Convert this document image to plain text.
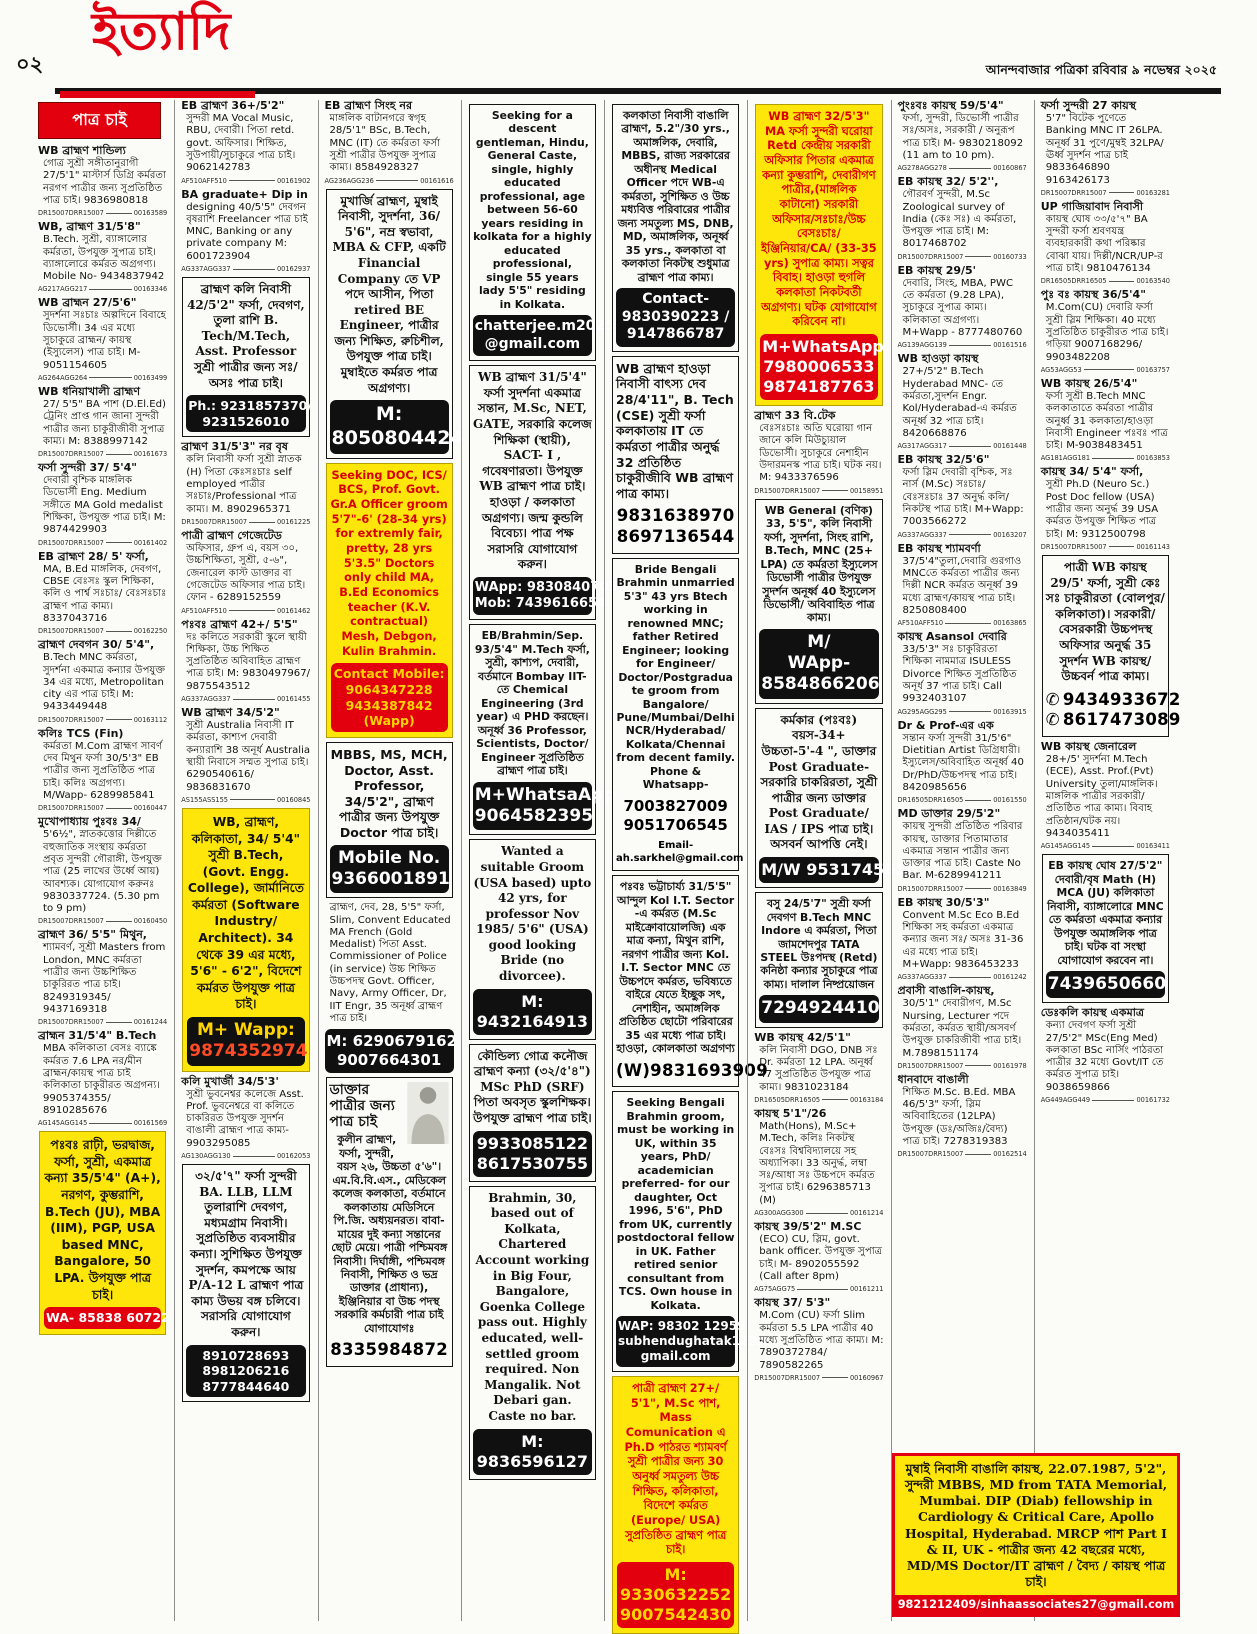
০২
ইত্যাদি
আনন্দবাজার পত্রিকা রবিবার ৯ নভেম্বর ২০২৫
পাত্র চাই
WB ব্রাহ্মণ শান্ডিল্য
গোত্র সুশ্রী সঙ্গীতানুরাগী 27/5'1" মাস্টার্স ডিগ্রি কর্মরতা নরগণ পাত্রীর জন্য সুপ্রতিষ্ঠিত পাত্র চাই। 9836980818
DR15007DRR15007	00163589
WB, ব্রাহ্মণ 31/5'8"
B.Tech. সুশ্রী, ব্যাঙ্গালোর কর্মরতা, উপযুক্ত সুপাত্র চাই। ব্যাঙ্গালোরে কর্মরত অগ্রগণ্য। Mobile No- 9434837942
AG217AGG217	00163346
WB ব্রাহ্মন 27/5'6"
সুদর্শনা সঃচাঃ অল্পদিনে বিবাহে ডিভোর্সী। 34 এর মধ্যে সুচাকুরে ব্রাহ্মন/ কায়স্থ (ইস্যুলেস) পাত্র চাই। M-9051154605
AG264AGG264	00163499
WB ধনিয়াখালী ব্রাহ্মণ
27/ 5'5" BA পাশ (D.El.Ed) ট্রেনিং প্রাপ্ত গান জানা সুন্দরী পাত্রীর জন্য চাকুরীজীবী সুপাত্র কাম্য। M: 8388997142
DR15007DRR15007	00161673
ফর্সা সুন্দরী 37/ 5'4"
দেবারী বৃশ্চিক মাঙ্গলিক ডিভোর্সী Eng. Medium সঙ্গীতে MA Gold medalist শিক্ষিকা, উপযুক্ত পাত্র চাই। M: 9874429903
DR15007DRR15007	00161402
EB ব্রাহ্মণ 28/ 5' ফর্সা,
MA, B.Ed মাঙ্গলিক, দেবগণ, CBSE বেঃসঃ স্কুল শিক্ষিকা, কলি ও পার্শ্ব সঃচাঃ/ বেঃসঃচাঃ ব্রাহ্মণ পাত্র কাম্য। 8337043716
DR15007DRR15007	00162250
ব্রাহ্মণ দেবগন 30/ 5'4",
B.Tech MNC কর্মরতা, সুদর্শনা একমাত্র কন্যার উপযুক্ত 34 এর মধ্যে, Metropolitan city এর পাত্র চাই। M: 9433449448
DR15007DRR15007	00163112
কলিঃ TCS (Fin)
কর্মরতা M.Com ব্রাহ্মণ সাবর্ণ দেব মিথুন ফর্সা 30/5'3" EB পাত্রীর জন্য সুপ্রতিষ্ঠিত পাত্র চাই। কলিঃ অগ্রগণ্য। M/Wapp- 6289985841
DR15007DRR15007	00160447
মুখোপাধ্যায় পুঃবঃ 34/
5'6½", স্নাতকত্তোর দিল্লীতে বহুজাতিক সংস্থায় কর্মরতা প্রবৃত সুন্দরী গৌরাঙ্গী, উপযুক্ত পাত্র (25 লাখের উর্ধ্বে আয়) আবশ্যক। যোগাযোগ করুনঃ 9830337724. (5.30 pm to 9 pm)
DR15007DRR15007	00160450
ব্রাহ্মণ 36/ 5'5" মিথুন,
শ্যামবর্ণ, সুশ্রী Masters from London, MNC কর্মরতা পাত্রীর জন্য উচ্চশিক্ষিত চাকুরিরত পাত্র চাই। 8249319345/ 9437169318
DR15007DRR15007	00161244
ব্রাহ্মন 31/5'4" B.Tech
MBA কলিকাতা বেসঃ ব্যাঙ্কে কর্মরত 7.6 LPA নর/মীন ব্রাহ্মন/কায়স্থ পাত্র চাই কলিকাতা চাকুরীরত অগ্রগন্য। 9905374355/ 8910285676
AG145AGG145	00161569
পঃবঃ রাঢ়ী, ভরদ্বাজ, ফর্সা, সুশ্রী, একমাত্র কন্যা 35/5'4" (A+), নরগণ, কুম্ভরাশি, B.Tech (JU), MBA (IIM), PGP, USA based MNC, Bangalore, 50 LPA. উপযুক্ত পাত্র চাই।
WA- 85838 60722
EB ব্রাহ্মণ 36+/5'2"
সুন্দরী MA Vocal Music, RBU, দেবারী। পিতা retd. govt. অফিসার। শিক্ষিত, সুউপায়ী/সুচাকুরে পাত্র চাই। 9062142783
AF510AFF510	00161902
BA graduate+ Dip in
designing 40/5'5" দেবগন বৃষরাশি Freelancer পাত্র চাই MNC, Banking or any private company M: 6001723904
AG337AGG337	00162937
ব্রাহ্মণ কলি নিবাসী 42/5'2" ফর্সা, দেবগণ, তুলা রাশি B. Tech/M.Tech, Asst. Professor সুশ্রী পাত্রীর জন্য সঃ/অসঃ পাত্র চাই।
Ph.: 9231857370/
9231526010
ব্রাহ্মণ 31/5'3" নর বৃষ
কলি নিবাসী ফর্সা সুশ্রী স্নাতক (H) পিতা কেঃসঃচাঃ self employed পাত্রীর সঃচাঃ/Professional পাত্র কাম্য। M. 8902965371
DR15007DRR15007	00161225
পাত্রী ব্রাহ্মণ গেজেটেড
অফিসার, গ্রুপ এ, বয়স ৩০, উচ্চশিক্ষিতা, সুশ্রী, ৫-৬", জেনারেল কাস্ট ডাক্তার বা গেজেটেড অফিসার পাত্র চাই। ফোন - 6289152559
AF510AFF510	00161462
পঃবঃ ব্রাহ্মণ 42+/ 5'5"
দঃ কলিতে সরকারী স্কুলে স্থায়ী শিক্ষিকা, উচ্চ শিক্ষিত সুপ্রতিষ্ঠিত অবিবাহিত ব্রাহ্মণ পাত্র চাই। M: 9830497967/ 9875543512
AG337AGG337	00161455
WB ব্রাহ্মণ 34/5'2"
সুশ্রী Australia নিবাসী IT কর্মরতা, কাশ্যপ দেবারী কন্যারাশি 38 অনূর্ধ Australia স্থায়ী নিবাসে সম্মত সুপাত্র চাই। 6290540616/ 9836831670
AS155ASS155	00160845
WB, ব্রাহ্মণ, কলিকাতা, 34/ 5'4" সুশ্রী B.Tech, (Govt. Engg. College), জার্মানিতে কর্মরতা (Software Industry/ Architect). 34 থেকে 39 এর মধ্যে, 5'6" - 6'2", বিদেশে কর্মরত উপযুক্ত পাত্র চাই।
M+ Wapp:
9874352974
কলি মুখার্জী 34/5'3'
সুশ্রী ভুবনেশ্বর কলেজে Asst. Prof. ভুবনেশ্বরে বা কলিতে চাকরিরত উপযুক্ত সুদর্শন বাঙালী ব্রাহ্মণ পাত্র কাম্য- 9903295085
AG130AGG130	00162053
৩২/৫'৭" ফর্সা সুন্দরী BA. LLB, LLM তুলারাশি দেবগণ, মধ্যমগ্রাম নিবাসী। সুপ্রতিষ্ঠিত ব্যবসায়ীর কন্যা। সুশিক্ষিত উপযুক্ত সুদর্শন, কমপক্ষে আয় P/A-12 L ব্রাহ্মণ পাত্র কাম্য উভয় বঙ্গ চলিবে। সরাসরি যোগাযোগ করুন।
8910728693
8981206216
8777844640
EB ব্রাহ্মণ সিংহ নর
মাঙ্গলিক বাটানগরে স্বগৃহ 28/5'1" BSc, B.Tech, MNC (IT) তে কর্মরতা ফর্সা সুশ্রী পাত্রীর উপযুক্ত সুপাত্র কাম্য। 8584928327
AG236AGG236	00161616
মুখার্জি ব্রাহ্মণ, মুম্বাই নিবাসী, সুদর্শনা, 36/ 5'6", নম্র স্বভাবা, MBA & CFP, একটি Financial Company তে VP পদে আসীন, পিতা retired BE Engineer, পাত্রীর জন্য শিক্ষিত, রুচিশীল, উপযুক্ত পাত্র চাই। মুম্বাইতে কর্মরত পাত্র অগ্রগণ্য।
M:
8050804424
Seeking DOC, ICS/ BCS, Prof. Govt. Gr.A Officer groom 5'7"-6' (28-34 yrs) for extremly fair, pretty, 28 yrs 5'3.5" Doctors only child MA, B.Ed Economics teacher (K.V. contractual) Mesh, Debgon, Kulin Brahmin.
Contact Mobile:
9064347228
9434387842
(Wapp)
MBBS, MS, MCH, Doctor, Asst. Professor, 34/5'2", ব্রাহ্মণ পাত্রীর জন্য উপযুক্ত Doctor পাত্র চাই।
Mobile No.
9366001891
ব্রাহ্মণ, দেব, 28, 5'5" ফর্সা, Slim, Convent Educated MA French (Gold Medalist) পিতা Asst. Commissioner of Police (in service) উচ্চ শিক্ষিত উচ্চপদস্থ Govt. Officer, Navy, Army Officer, Dr, IIT Engr, 35 অনূর্ধ্ব ব্রাহ্মণ পাত্র চাই।
M: 6290679162
9007664301
ডাক্তার পাত্রীর জন্য পাত্র চাই
কুলীন ব্রাহ্মণ, ফর্সা, সুন্দরী, বয়স ২৬, উচ্চতা ৫'৬"। এম.বি.বি.এস., মেডিকেল কলেজ কলকাতা, বর্তমানে কলকাতায় মেডিসিনে পি.জি. অধ্যয়নরত। বাবা-মায়ের দুই কন্যা সন্তানের ছোট মেয়ে। পাত্রী পশ্চিমবঙ্গ নিবাসী। দির্ঘাঙ্গী, পশ্চিমবঙ্গ নিবাসী, শিক্ষিত ও ভদ্র ডাক্তার (প্রাধান্য), ইঞ্জিনিয়ার বা উচ্চ পদস্থ সরকারি কর্মচারী পাত্র চাই যোগাযোগঃ
8335984872
Seeking for a descent gentleman, Hindu, General Caste, single, highly educated professional, age between 56-60 years residing in kolkata for a highly educated professional, single 55 years lady 5'5" residing in Kolkata.
chatterjee.m2025
@gmail.com
WB ব্রাহ্মণ 31/5'4" ফর্সা সুদর্শনা একমাত্র সন্তান, M.Sc, NET, GATE, সরকারি কলেজ শিক্ষিকা (স্থায়ী), SACT- I , গবেষণারতা। উপযুক্ত WB ব্রাহ্মণ পাত্র চাই। হাওড়া / কলকাতা অগ্রগণ্য। জন্ম কুন্ডলি বিবেচ্য। পাত্র পক্ষ সরাসরি যোগাযোগ করুন।
WApp: 9830840705
Mob: 7439616654
EB/Brahmin/Sep. 93/5'4" M.Tech ফর্সা, সুশ্রী, কাশ্যপ, দেবারী, বর্তমানে Bombay IIT- তে Chemical Engineering (3rd year) এ PHD করছেন। অনূর্ধ্ব 36 Professor, Scientists, Doctor/ Engineer সুপ্রতিষ্ঠিত ব্রাহ্মণ পাত্র চাই।
M+WhatsaApp
9064582395
Wanted a suitable Groom (USA based) upto 42 yrs, for professor Nov 1985/ 5'6" (USA) good looking Bride (no divorcee).
M:
9432164913
কৌন্ডিল্য গোত্র কনৌজ ব্রাহ্মণ কন্যা (৩২/৫'৪") MSc PhD (SRF) পিতা অবসৃত স্কুলশিক্ষক। উপযুক্ত ব্রাহ্মণ পাত্র চাই।
9933085122
8617530755
Brahmin, 30, based out of Kolkata, Chartered Account working in Big Four, Bangalore, Goenka College pass out. Highly educated, well- settled groom required. Non Mangalik. Not Debari gan. Caste no bar.
M:
9836596127
কলকাতা নিবাসী বাঙালি ব্রাহ্মণ, 5.2"/30 yrs., অমাঙ্গলিক, দেবারি, MBBS, রাজ্য সরকারের অধীনস্থ Medical Officer পদে WB-এ কর্মরতা, সুশিক্ষিত ও উচ্চ মধ্যবিত্ত পরিবারের পাত্রীর জন্য সমতুল্য MS, DNB, MD, অমাঙ্গলিক, অনূর্ধ্ব 35 yrs., কলকাতা বা কলকাতা নিকটস্থ শুধুমাত্র ব্রাহ্মণ পাত্র কাম্য।
Contact-
9830390223 /
9147866787
WB ব্রাহ্মণ হাওড়া নিবাসী বাৎস্য দেব 28/4'11", B. Tech (CSE) সুশ্রী ফর্সা কলকাতায় IT তে কর্মরতা পাত্রীর অনুর্দ্ধ 32 প্রতিষ্ঠিত চাকুরীজীবি WB ব্রাহ্মণ পাত্র কাম্য।
9831638970
8697136544
Bride Bengali Brahmin unmarried 5'3" 43 yrs Btech working in renowned MNC; father Retired Engineer; looking for Engineer/ Doctor/Postgraduate groom from Bangalore/ Pune/Mumbai/Delhi NCR/Hyderabad/ Kolkata/Chennai from decent family. Phone & Whatsapp-
7003827009
9051706545
Email-
ah.sarkhel@gmail.com
পঃবঃ ভট্টাচার্য্য 31/5'5" আন্দুল Kol I.T. Sector -এ কর্মরত (M.Sc মাইক্রোবায়োলজি) এক মাত্র কন্যা, মিথুন রাশি, নরগণ পাত্রীর জন্য Kol. I.T. Sector MNC তে উচ্চপদে কর্মরত, ভবিষ্যতে বাইরে যেতে ইচ্ছুক সৎ, নেশাহীন, অমাঙ্গলিক প্রতিষ্ঠিত ছোটো পরিবারের 35 এর মধ্যে পাত্র চাই। হাওড়া, কোলকাতা অগ্রগণ্য
(W)9831693909
Seeking Bengali Brahmin groom, must be working in UK, within 35 years, PhD/ academician preferred- for our daughter, Oct 1996, 5'6", PhD from UK, currently postdoctoral fellow in UK. Father retired senior consultant from TCS. Own house in Kolkata.
WAP: 98302 12959
subhendughatak123@
gmail.com
পাত্রী ব্রাহ্মণ 27+/ 5'1", M.Sc পাশ, Mass Comunication এ Ph.D পাঠরত শ্যামবর্ণ সুশ্রী পাত্রীর জন্য 30 অনুর্ধ্ব সমতুল্য উচ্চ শিক্ষিত, কলিকাতা, বিদেশে কর্মরত (Europe/ USA) সুপ্রতিষ্ঠিত ব্রাহ্মণ পাত্র চাই।
M:
9330632252
9007542430
WB ব্রাহ্মণ 32/5'3" MA ফর্সা সুন্দরী ঘরোয়া Retd কেন্দ্রীয় সরকারী অফিসার পিতার একমাত্র কন্যা কুম্ভরাশি, দেবারীগণ পাত্রীর,(মাঙ্গলিক কাটানো) সরকারী অফিসার/সঃচাঃ/উচ্চ বেসঃচাঃ/ ইঞ্জিনিয়ার/CA/ (33-35 yrs) সুপাত্র কাম্য। সত্বর বিবাহ। হাওড়া হুগলি কলকাতা নিকটবর্তী অগ্রগণ্য। ঘটক যোগাযোগ করিবেন না।
M+WhatsApp
7980006533
9874187763
ব্রাহ্মণ 33 বি.টেক
বেঃসঃচাঃ অতি ঘরোয়া গান জানে কলি মিউচ্যুয়াল ডিভোর্সী। সুচাকুরে নেশাহীন উদারমনস্ক পাত্র চাই। ঘটক নয়। M: 9433376596
DR15007DRR15007	00158951
WB General (বণিক) 33, 5'5", কলি নিবাসী ফর্সা, সুদর্শনা, সিংহ রাশি, B.Tech, MNC (25+ LPA) তে কর্মরতা ইস্যুলেস ডিভোর্সী পাত্রীর উপযুক্ত সুদর্শন অনূর্ধ্ব 40 ইস্যুলেস ডিভোর্সী/ অবিবাহিত পাত্র কাম্য।
M/
WApp-
8584866206
কর্মকার (পঃবঃ) বয়স-34+ উচ্চতা-5'-4 ", ডাক্তার Post Graduate- সরকারি চাকরিরতা, সুশ্রী পাত্রীর জন্য ডাক্তার Post Graduate/ IAS / IPS পাত্র চাই। অসবর্ন আপত্তি নেই।
M/W 9531745616
বসু 24/5'7" সুশ্রী ফর্সা দেবগণ B.Tech MNC Indore এ কর্মরতা, পিতা জামশেদপুর TATA STEEL উঃপদস্থ (Retd) কনিষ্ঠা কন্যার সুচাকুরে পাত্র কাম্য। দালাল নিষ্প্রয়োজন
7294924410
WB কায়স্থ 42/5'1"
কলি নিবাসী DGO, DNB সঃ Dr. কর্মরতা 12 LPA. অনূর্ধ্ব 47 সুপ্রতিষ্ঠিত উপযুক্ত পাত্র কাম্য। 9831023184
DR16505DRR16505	00163184
কায়স্থ 5'1"/26
Math(Hons), M.Sc+ M.Tech, কলিঃ নিকটস্থ বেঃসঃ বিশ্ববিদ্যালয়ে সহ অধ্যাপিকা। 33 অনুর্দ্ধ, লম্বা সঃ/আধা সঃ উচ্চপদে কর্মরত সুপাত্র চাই। 6296385713 (M)
AG300AGG300	00161214
কায়স্থ 39/5'2" M.SC
(ECO) CU, স্লিম, govt. bank officer. উপযুক্ত সুপাত্র চাই। M- 8902055592 (Call after 8pm)
AG75AGG75	00161211
কায়স্থ 37/ 5'3"
M.Com (CU) ফর্সা Slim কর্মরতা 5.5 LPA পাত্রীর 40 মধ্যে সুপ্রতিষ্ঠিত পাত্র কাম্য। M: 7890372784/ 7890582265
DR15007DRR15007	00160967
পুংঃবঃ কায়স্থ 59/5'4"
ফর্সা, সুন্দরী, ডিভোর্সী পাত্রীর সঃ/অসঃ, সরকারী / অনুরূপ পাত্র চাই। M- 9830218092 (11 am to 10 pm).
AG278AGG278	00160867
EB কায়স্থ 32/ 5'2'',
গৌরবর্ণ সুন্দরী, M.Sc Zoological survey of India (কেঃ সঃ) এ কর্মরতা, উপযুক্ত পাত্র চাই। M: 8017468702
DR15007DRR15007	00160733
EB কায়স্থ 29/5'
দেবারি, সিংহ, MBA, PWC তে কর্মরতা (9.28 LPA), সুচাকুরে সুপাত্র কাম্য। কলিকাতা অগ্রগণ্য। M+Wapp - 8777480760
AG139AGG139	00161516
WB হাওড়া কায়স্থ
27+/5'2" B.Tech Hyderabad MNC- তে কর্মরতা,সুদর্শন Engr. Kol/Hyderabad-এ কর্মরত অনূর্ধ্ব 32 পাত্র চাই। 8420668876
AG317AGG317	00161448
EB কায়স্থ 32/5'6"
ফর্সা স্লিম দেবারী বৃশ্চিক, সঃ নার্স (M.Sc) সঃচাঃ/ বেঃসঃচাঃ 37 অনুর্দ্ধ কলি/ নিকটস্থ পাত্র চাই। M+Wapp: 7003566272
AG337AGG337	00163207
EB কায়স্থ শ্যামবর্ণা
37/5'4"তুলা,দেবারি গুরগাও MNCতে কর্মরতা পাত্রীর জন্য দিল্লী NCR কর্মরত অনূর্ধ্ব 39 মধ্যে ব্রাহ্মণ/কায়স্থ পাত্র চাই।8250808400
AF510AFF510	00163865
কায়স্থ Asansol দেবারি
33/5'3" সঃ চাকুরিরতা শিক্ষিকা নামমাত্র ISULESS Divorce শিক্ষিত সুপ্রতিষ্ঠিত অনূর্ধ 37 পাত্র চাই। Call 9932403107
AG295AGG295	00163915
Dr & Prof-এর এক
সন্তান ফর্সা সুন্দরী 31/5'6" Dietitian Artist ডিগ্রিধারী। ইস্যুলেস/অবিবাহিত অনূর্ধ্ব 40 Dr/PhD/উচ্চপদস্থ পাত্র চাই। 8420985656
DR16505DRR16505	00161550
MD ডাক্তার 29/5'2"
কায়স্থ সুন্দরী প্রতিষ্ঠিত পরিবার কায়স্থ, ডাক্তার পিতামাতার একমাত্র সন্তান পাত্রীর জন্য ডাক্তার পাত্র চাই। Caste No Bar. M-6289941211
DR15007DRR15007	00163849
EB কায়স্থ 30/5'3"
Convent M.Sc Eco B.Ed শিক্ষিকা সহ কর্মরতা একমাত্র কন্যার জন্য সঃ/ অসঃ 31-36 এর মধ্যে পাত্র চাই। M+Wapp: 9836453233
AG337AGG337	00161242
প্রবাসী বাঙালি-কায়স্থ,
30/5'1" দেবারীগণ, M.Sc Nursing, Lecturer পদে কর্মরতা, কর্মরত স্থায়ী/অসবর্ণ উপযুক্ত চাকরিজীবী পাত্র চাই। M.7898151174
DR15007DRR15007	00161978
ধানবাদে বাঙালী
শিক্ষিত M.Sc. B.Ed. MBA 46/5'3" ফর্সা, স্লিম অবিবাহিতের (12LPA) উপযুক্ত (ডঃ/অজিঃ/বৈদ্য) পাত্র চাই। 7278319383
DR15007DRR15007	00162514
ফর্সা সুন্দরী 27 কায়স্থ
5'7" বিটেক পুণেতে Banking MNC IT 26LPA. অনূর্ধ্ব 31 পুণে/মুম্বই 32LPA/ঊর্ধ্ব সুদর্শন পাত্র চাই 9833646890 9163426173
DR15007DRR15007	00163281
UP গাজিয়াবাদ নিবাসী
কায়স্থ ঘোষ ৩৩/৫'৭" BA সুন্দরী ফর্সা শ্রবণযন্ত্র ব্যবহারকারী কথা পরিষ্কার বোঝা যায়। দিল্লী/NCR/UP-র পাত্র চাই। 9810476134
DR16505DRR16505	00163540
পুঃ বঃ কায়স্থ 36/5'4"
M.Com(CU) দেবারি ফর্সা সুশ্রী স্লিম শিক্ষিকা। 40 মধ্যে সুপ্রতিষ্ঠিত চাকুরীরত পাত্র চাই। গড়িয়া 9007168296/ 9903482208
AG53AGG53	00163757
WB কায়স্থ 26/5'4"
ফর্সা সুশ্রী B.Tech MNC কলকাতাতে কর্মরতা পাত্রীর অনুর্ধ্ব 31 কলকাতা/হাওড়া নিবাসী Engineer পঃবঃ পাত্র চাই। M-9038483451
AG181AGG181	00163853
কায়স্থ 34/ 5'4" ফর্সা,
সুশ্রী Ph.D (Neuro Sc.) Post Doc fellow (USA) পাত্রীর জন্য অনুর্দ্ধ 39 USA কর্মরত উপযুক্ত শিক্ষিত পাত্র চাই। M: 9312500798
DR15007DRR15007	00161143
পাত্রী WB কায়স্থ 29/5' ফর্সা, সুশ্রী কেঃ সঃ চাকুরীরতা (বোলপুর/কলিকাতা)। সরকারী/বেসরকারী উচ্চপদস্থ অফিসার অনুর্দ্ধ 35 সুদর্শন WB কায়স্থ/উচ্চবর্ন পাত্র কাম্য।
✆ 9434933672
✆ 8617473089
WB কায়স্থ জেনারেল
28+/5' সুদর্শনা M.Tech (ECE), Asst. Prof.(Pvt) University তুলা/মাঙ্গলিক। মাঙ্গলিক পাত্রীর সরকারী/ প্রতিষ্ঠিত পাত্র কাম্য। বিবাহ প্রতিষ্ঠান/ঘটক নয়। 9434035411
AG145AGG145	00163411
EB কায়স্থ ঘোষ 27/5'2" দেবারী/বৃষ Math (H) MCA (JU) কলিকাতা নিবাসী, ব্যাঙ্গালোরে MNC তে কর্মরতা একমাত্র কন্যার উপযুক্ত অমাঙ্গলিক পাত্র চাই। ঘটক বা সংস্থা যোগাযোগ করবেন না।
7439650660
ডেঃকলি কায়স্থ একমাত্র
কন্যা দেবগণ ফর্সা সুশ্রী 27/5'2" MSc(Eng Med) কলকাতা BSc নার্সিং পাঠরতা পাত্রীর 32 মধ্যে Govt/IT তে কর্মরত সুপাত্র চাই। 9038659866
AG449AGG449	00161732
মুম্বাই নিবাসী বাঙালি কায়স্থ, 22.07.1987, 5'2", সুন্দরী MBBS, MD from TATA Memorial, Mumbai. DIP (Diab) fellowship in Cardiology & Critical Care, Apollo Hospital, Hyderabad. MRCP পাশ Part I & II, UK - পাত্রীর জন্য 42 বছরের মধ্যে, MD/MS Doctor/IT ব্রাহ্মণ / বৈদ্য / কায়স্থ পাত্র চাই।
9821212409/sinhaassociates27@gmail.com
